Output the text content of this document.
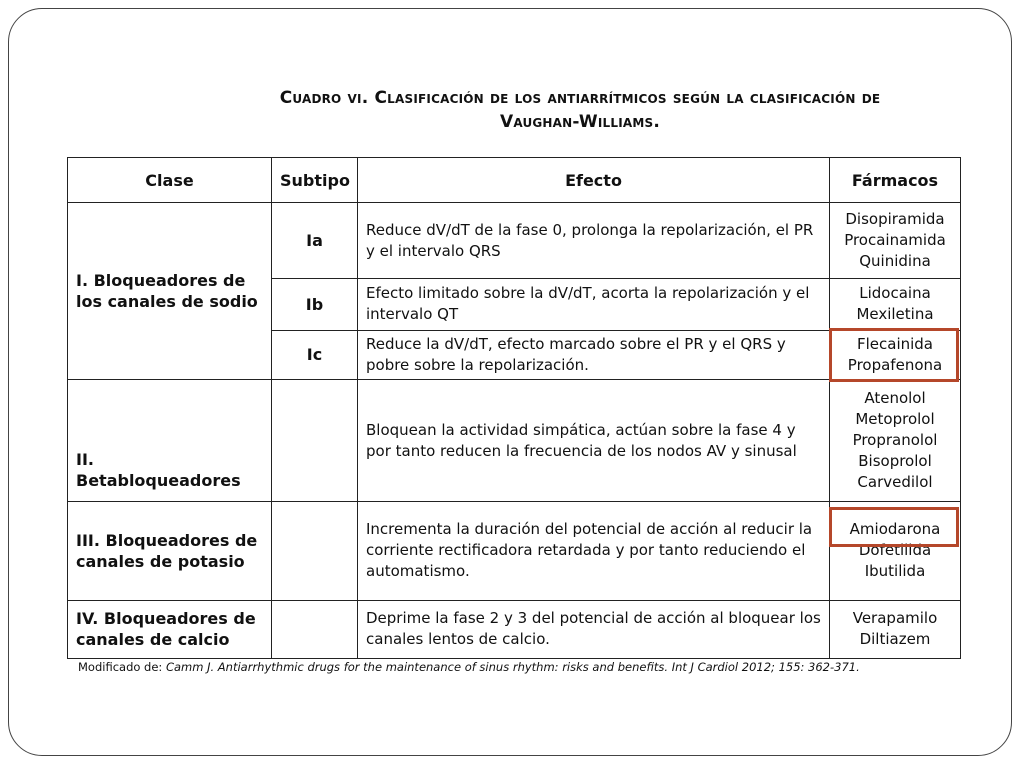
Cuadro vi. Clasificación de los antiarrítmicos según la clasificación de
Vaughan-Williams.
Clase	Subtipo	Efecto	Fármacos
I. Bloqueadores de los canales de sodio	Ia	Reduce dV/dT de la fase 0, prolonga la repolarización, el PR y el intervalo QRS	Disopiramida
Procainamida
Quinidina

	Ib	Efecto limitado sobre la dV/dT, acorta la repolarización y el intervalo QT	Lidocaina
Mexiletina

	Ic	Reduce la dV/dT, efecto marcado sobre el PR y el QRS y pobre sobre la repolarización.	Flecainida
Propafenona

II. Betabloqueadores		Bloquean la actividad simpática, actúan sobre la fase 4 y por tanto reducen la frecuencia de los nodos AV y sinusal	Atenolol
Metoprolol
Propranolol
Bisoprolol
Carvedilol

III. Bloqueadores de canales de potasio		Incrementa la duración del potencial de acción al reducir la corriente rectificadora retardada y por tanto reduciendo el automatismo.	Amiodarona
Dofetilida
Ibutilida

IV. Bloqueadores de canales de calcio		Deprime la fase 2 y 3 del potencial de acción al bloquear los canales lentos de calcio.	Verapamilo
Diltiazem
Modificado de: Camm J. Antiarrhythmic drugs for the maintenance of sinus rhythm: risks and benefits. Int J Cardiol 2012; 155: 362-371.
